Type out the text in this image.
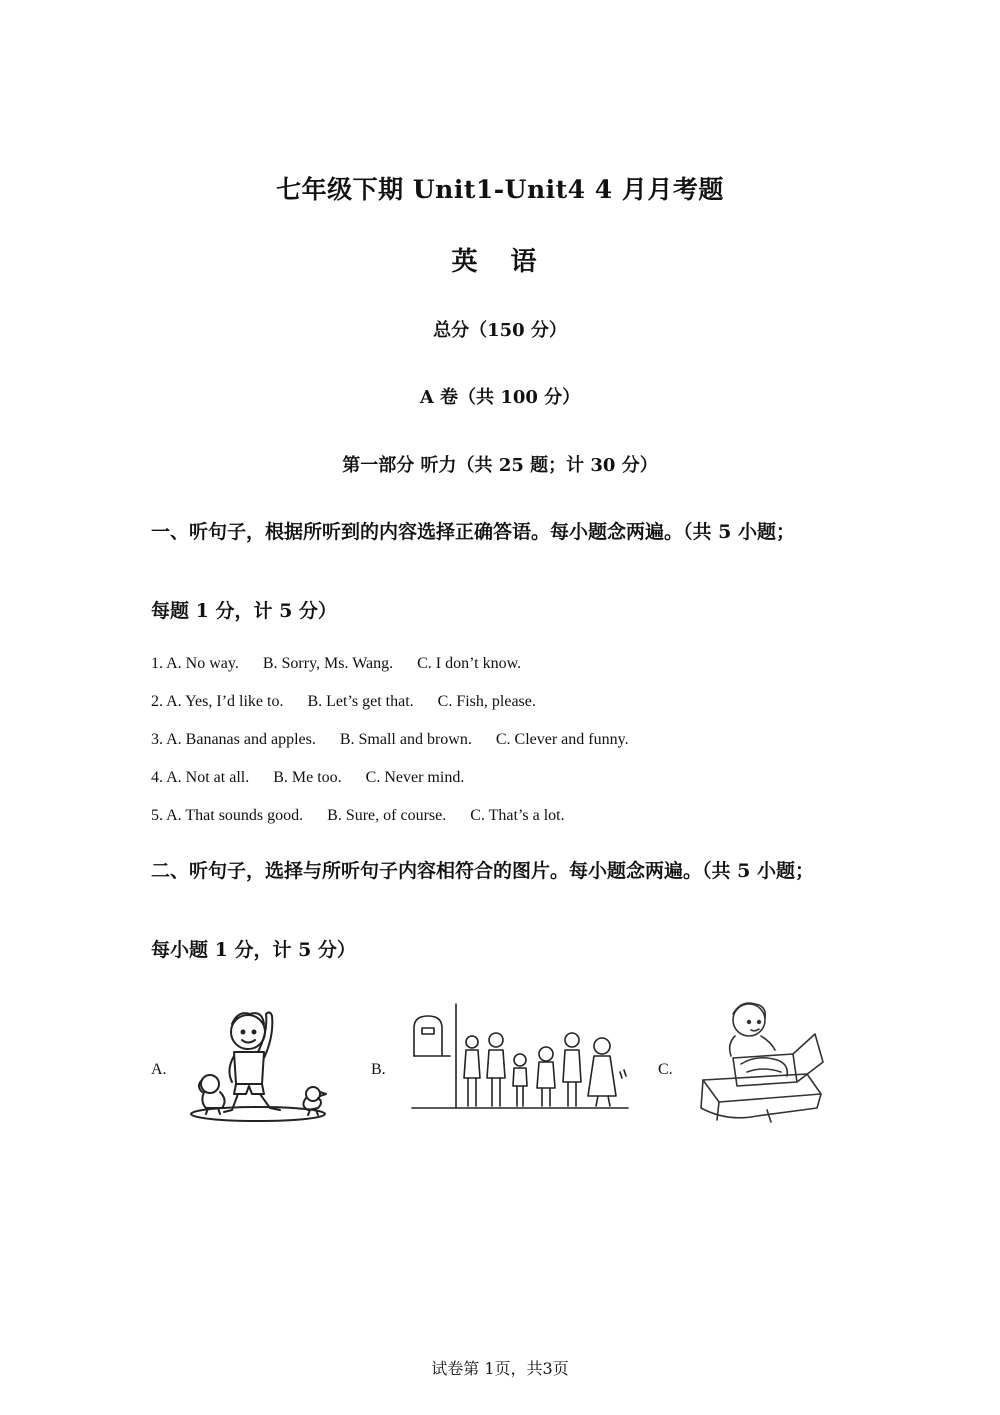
七年级下期 Unit1-Unit4 4 月月考题
英 语
总分（150 分）
A 卷（共 100 分）
第一部分 听力（共 25 题；计 30 分）
一、听句子，根据所听到的内容选择正确答语。每小题念两遍。（共 5 小题；
每题 1 分，计 5 分）
1. A. No way. B. Sorry, Ms. Wang. C. I don’t know.
2. A. Yes, I’d like to. B. Let’s get that. C. Fish, please.
3. A. Bananas and apples. B. Small and brown. C. Clever and funny.
4. A. Not at all. B. Me too. C. Never mind.
5. A. That sounds good. B. Sure, of course. C. That’s a lot.
二、听句子，选择与所听句子内容相符合的图片。每小题念两遍。（共 5 小题；
每小题 1 分，计 5 分）
A.	B.	C.
试卷第 1页，共3页
